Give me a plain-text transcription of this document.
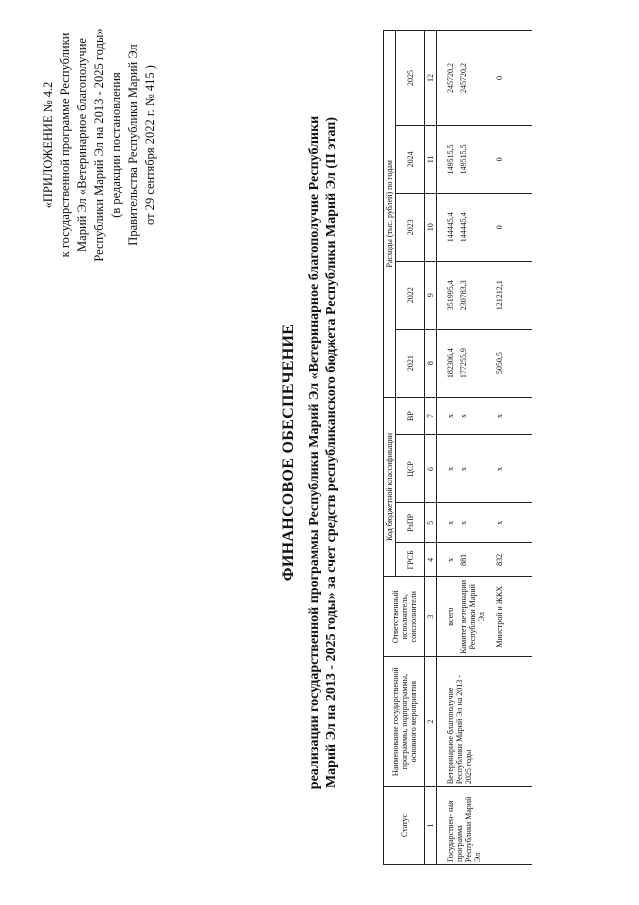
«ПРИЛОЖЕНИЕ № 4.2 к государственной программе Республики Марий Эл «Ветеринарное благополучие Республики Марий Эл на 2013 - 2025 годы» (в редакции постановления Правительства Республики Марий Эл от 29 сентября 2022 г. № 415 )
ФИНАНСОВОЕ ОБЕСПЕЧЕНИЕ реализации государственной программы Республики Марий Эл «Ветеринарное благополучие Республики Марий Эл на 2013 - 2025 годы» за счет средств республиканского бюджета Республики Марий Эл (II этап)
Статус	Наименование государственной программы, подпрограммы, основного мероприятия	Ответственный исполнитель, соисполнители	Код бюджетной классификации				Расходы (тыс. рублей) по годам				
			ГРСБ	РзПР	ЦСР	ВР	2021	2022	2023	2024	2025
1	2	3	4	5	6	7	8	9	10	11	12

Государствен- ная программа Республики Марий Эл	Ветеринарное благополучие Республики Марий Эл на 2013 - 2025 годы	всего	х	х	х	х	182306,4	351995,4	144445,4	149515,5	245720,2
		Комитет ветеринарии Республики Марий Эл	881	х	х	х	177255,9	230783,3	144445,4	149515,5	245720,2
		Минстрой и ЖКХ	832	х	х	х	5050,5	121212,1	0	0	0
